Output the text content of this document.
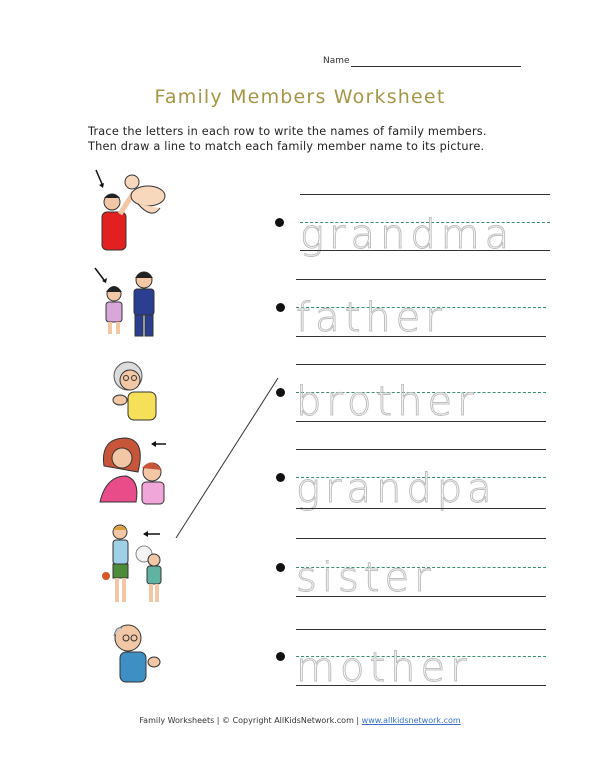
Name
Family Members Worksheet
Trace the letters in each row to write the names of family members.
Then draw a line to match each family member name to its picture.
grandma
father
brother
grandpa
sister
mother
Family Worksheets | © Copyright AllKidsNetwork.com | www.allkidsnetwork.com
